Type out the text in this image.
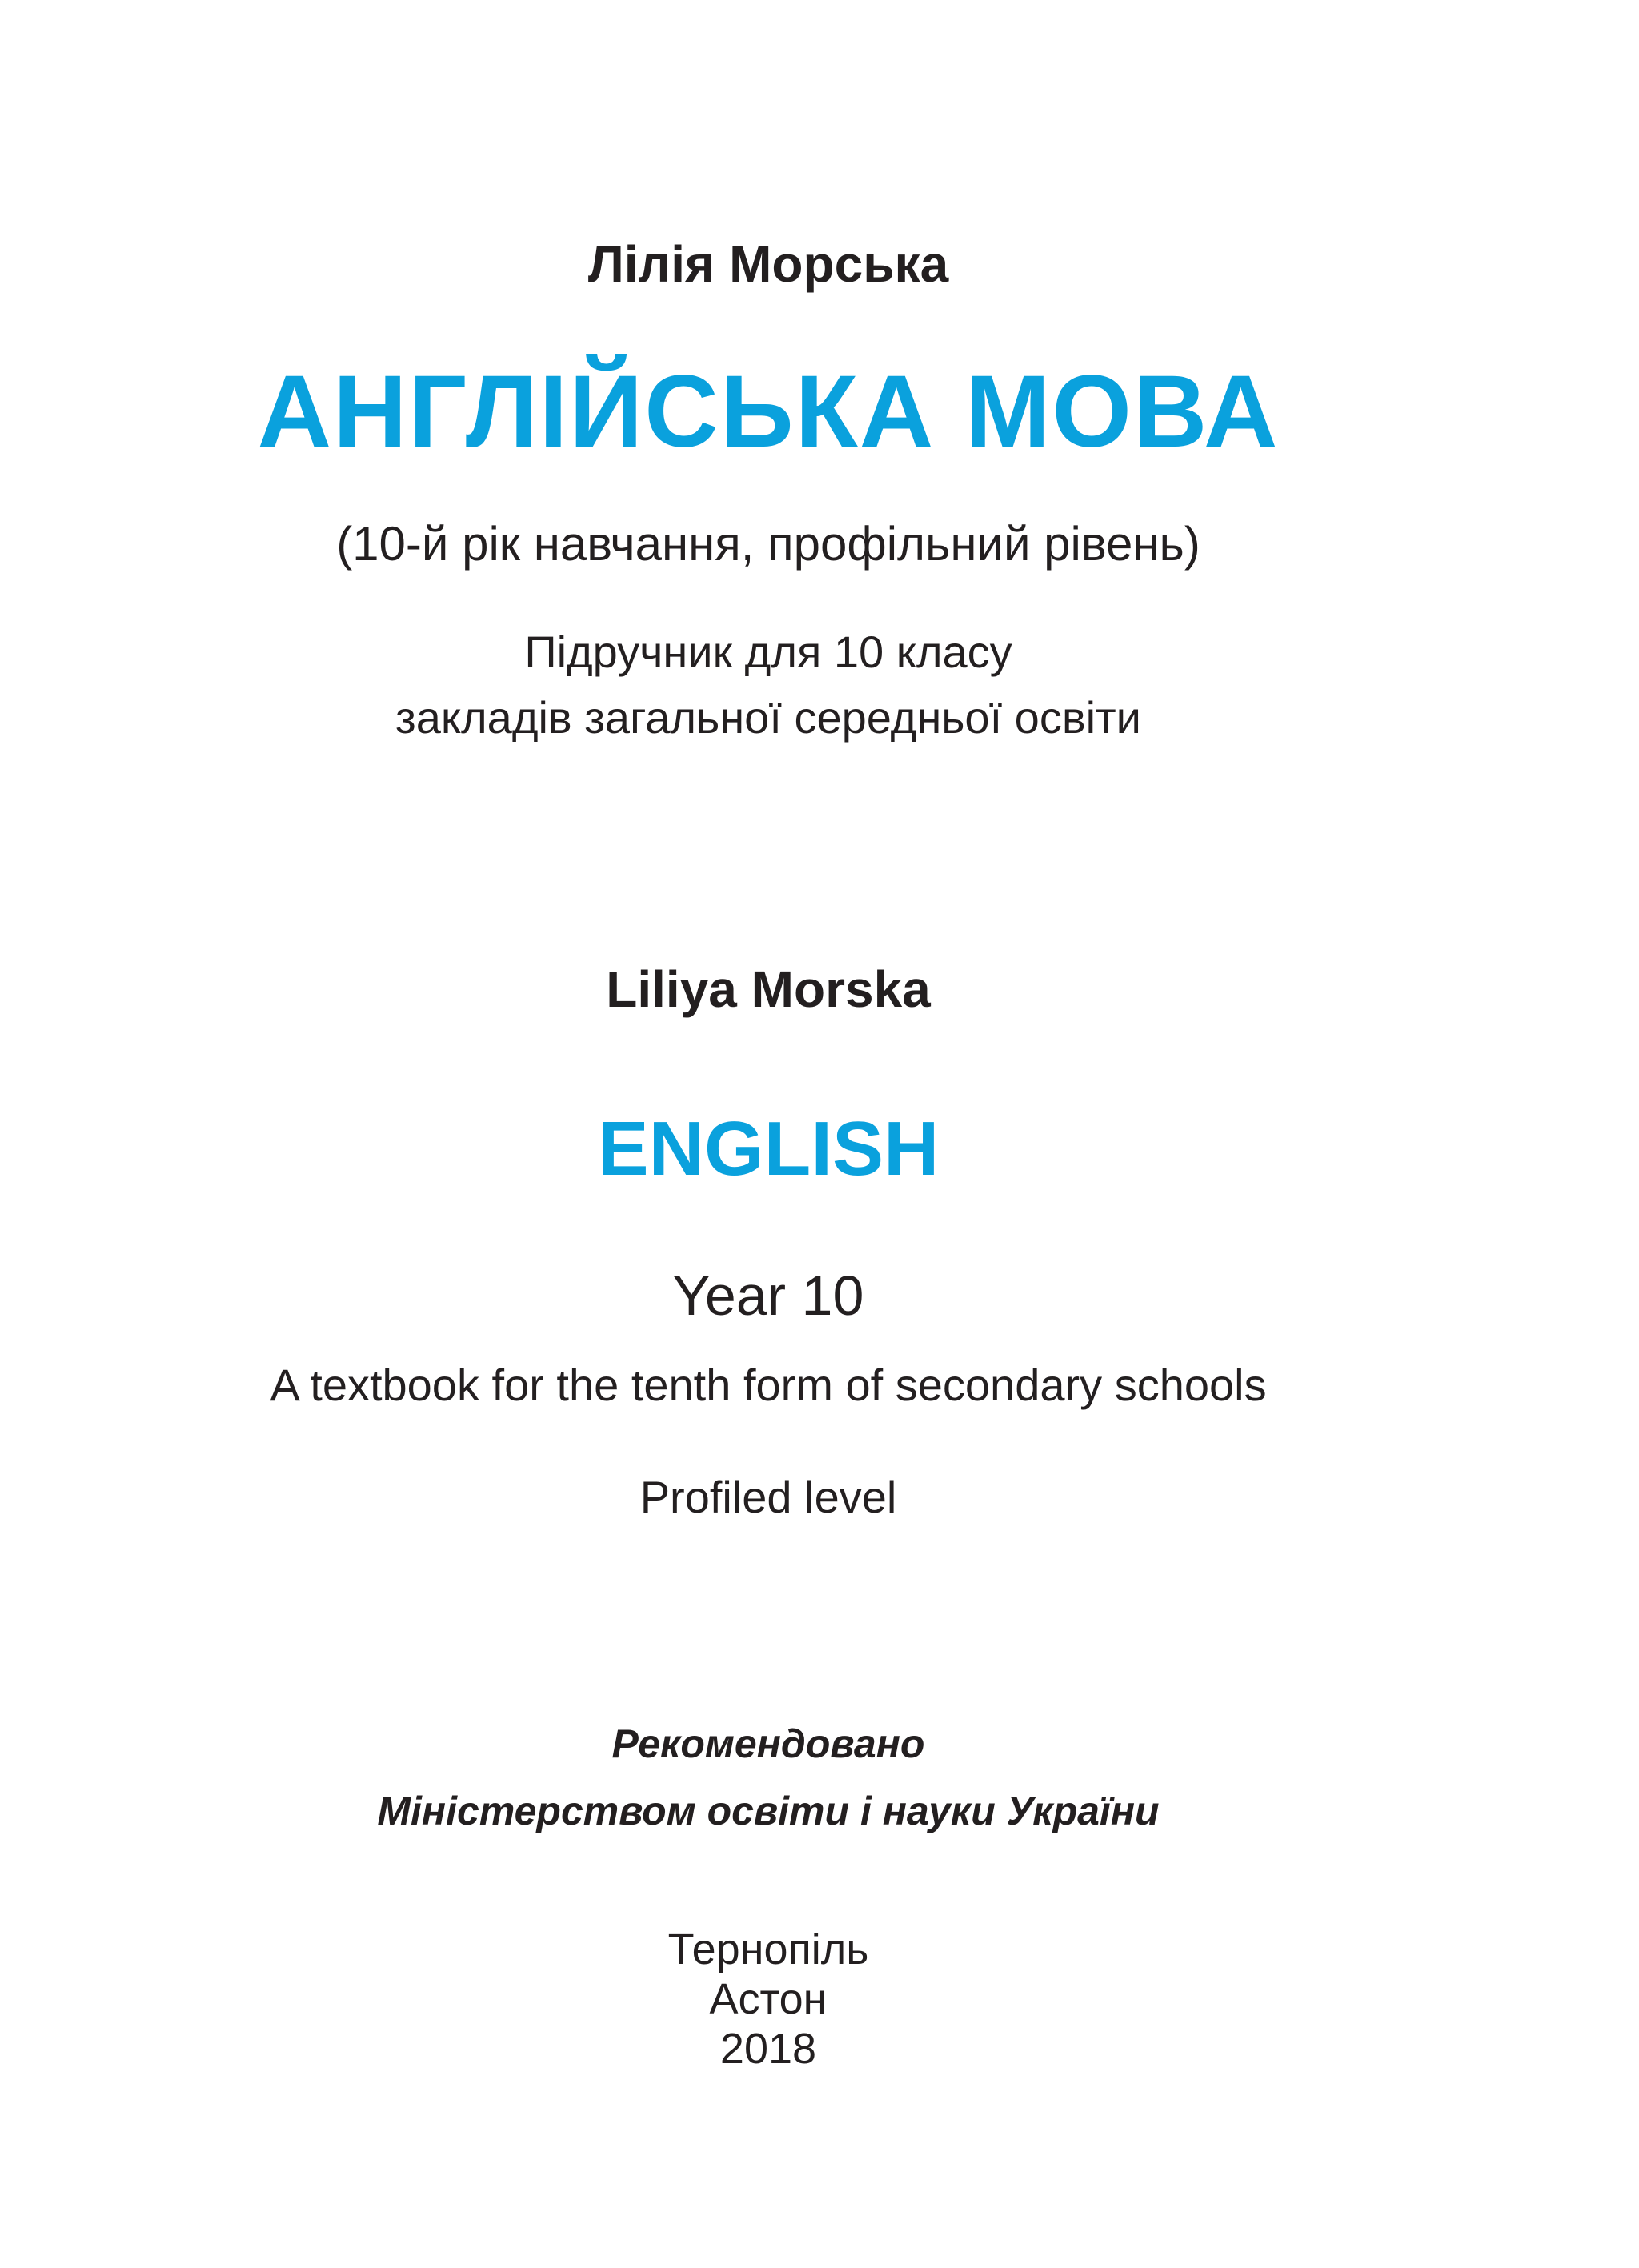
Лілія Морська

АНГЛІЙСЬКА МОВА

(10-й рік навчання, профільний рівень)

Підручник для 10 класу

закладів загальної середньої освіти

Liliya Morska

ENGLISH

Year 10

A textbook for the tenth form of secondary schools

Profiled level

Рекомендовано

Міністерством освіти і науки України

Тернопіль

Астон

2018
